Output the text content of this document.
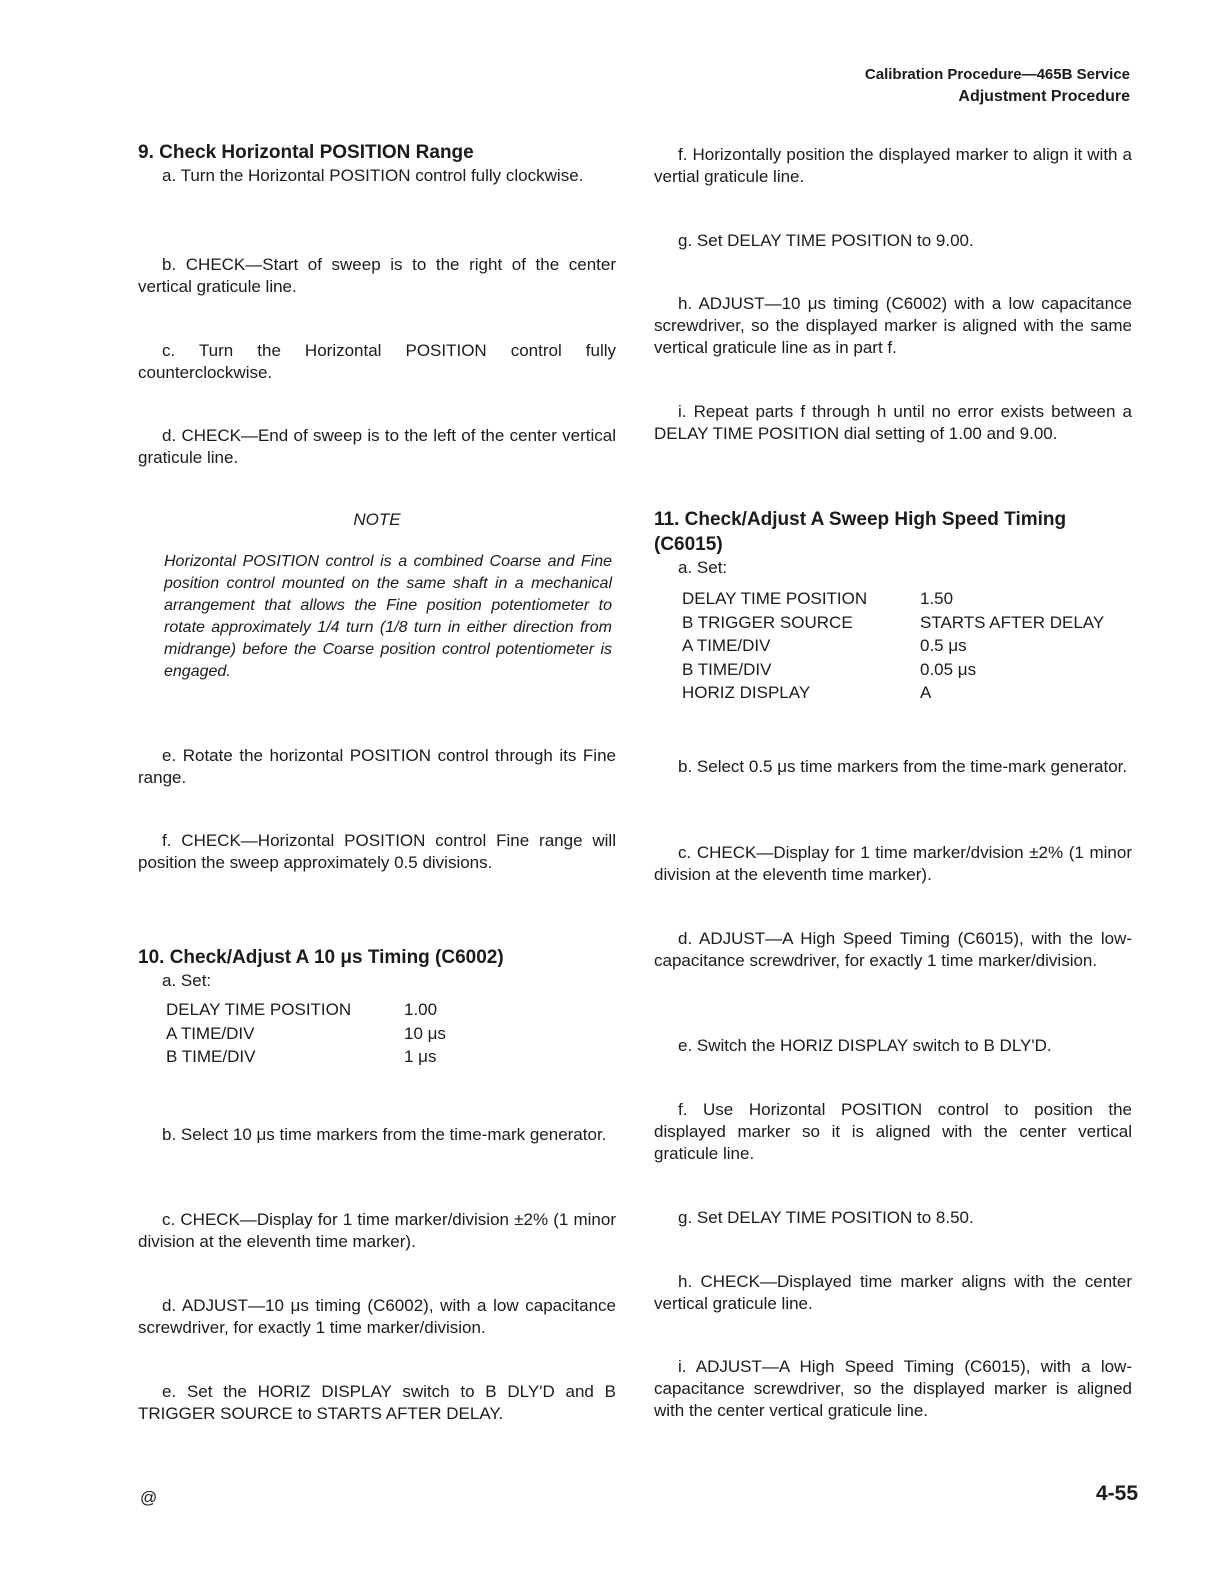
Calibration Procedure—465B Service
Adjustment Procedure
9. Check Horizontal POSITION Range

a. Turn the Horizontal POSITION control fully clockwise.

b. CHECK—Start of sweep is to the right of the center vertical graticule line.

c. Turn the Horizontal POSITION control fully counterclockwise.

d. CHECK—End of sweep is to the left of the center vertical graticule line.

NOTE
Horizontal POSITION control is a combined Coarse and Fine position control mounted on the same shaft in a mechanical arrangement that allows the Fine position potentiometer to rotate approximately 1/4 turn (1/8 turn in either direction from midrange) before the Coarse position control potentiometer is engaged.

e. Rotate the horizontal POSITION control through its Fine range.

f. CHECK—Horizontal POSITION control Fine range will position the sweep approximately 0.5 divisions.

10. Check/Adjust A 10 μs Timing (C6002)
a. Set:
DELAY TIME POSITION	1.00
A TIME/DIV	10 μs
B TIME/DIV	1 μs

b. Select 10 μs time markers from the time-mark generator.

c. CHECK—Display for 1 time marker/division ±2% (1 minor division at the eleventh time marker).

d. ADJUST—10 μs timing (C6002), with a low capacitance screwdriver, for exactly 1 time marker/division.

e. Set the HORIZ DISPLAY switch to B DLY'D and B TRIGGER SOURCE to STARTS AFTER DELAY.

f. Horizontally position the displayed marker to align it with a vertial graticule line.

g. Set DELAY TIME POSITION to 9.00.

h. ADJUST—10 μs timing (C6002) with a low capacitance screwdriver, so the displayed marker is aligned with the same vertical graticule line as in part f.

i. Repeat parts f through h until no error exists between a DELAY TIME POSITION dial setting of 1.00 and 9.00.

11. Check/Adjust A Sweep High Speed Timing (C6015)
a. Set:
DELAY TIME POSITION	1.50
B TRIGGER SOURCE	STARTS AFTER DELAY
A TIME/DIV	0.5 μs
B TIME/DIV	0.05 μs
HORIZ DISPLAY	A

b. Select 0.5 μs time markers from the time-mark generator.

c. CHECK—Display for 1 time marker/dvision ±2% (1 minor division at the eleventh time marker).

d. ADJUST—A High Speed Timing (C6015), with the low-capacitance screwdriver, for exactly 1 time marker/division.

e. Switch the HORIZ DISPLAY switch to B DLY'D.

f. Use Horizontal POSITION control to position the displayed marker so it is aligned with the center vertical graticule line.

g. Set DELAY TIME POSITION to 8.50.

h. CHECK—Displayed time marker aligns with the center vertical graticule line.

i. ADJUST—A High Speed Timing (C6015), with a low-capacitance screwdriver, so the displayed marker is aligned with the center vertical graticule line.

@	4-55
